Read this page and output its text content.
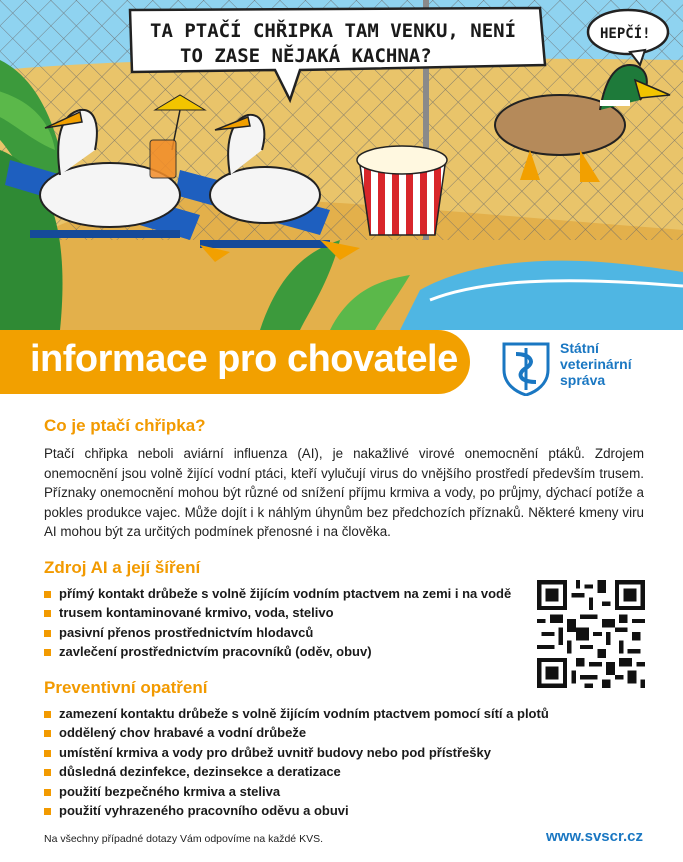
TA PTAČÍ CHŘIPKA TAM VENKU, NENÍ
TO ZASE NĚJAKÁ KACHNA?
HEPČÍ!
informace pro chovatele	Státní
veterinární
správa
Co je ptačí chřipka?

Ptačí chřipka neboli aviární influenza (AI), je nakažlivé virové onemocnění ptáků. Zdrojem onemocnění jsou volně žijící vodní ptáci, kteří vylučují virus do vnějšího prostředí především trusem. Příznaky onemocnění mohou být různé od snížení příjmu krmiva a vody, po průjmy, dýchací potíže a pokles produkce vajec. Může dojít i k náhlým úhynům bez předchozích příznaků. Některé kmeny viru AI mohou být za určitých podmínek přenosné i na člověka.

Zdroj AI a její šíření
přímý kontakt drůbeže s volně žijícím vodním ptactvem na zemi i na vodě
trusem kontaminované krmivo, voda, stelivo
pasivní přenos prostřednictvím hlodavců
zavlečení prostřednictvím pracovníků (oděv, obuv)
Preventivní opatření
zamezení kontaktu drůbeže s volně žijícím vodním ptactvem pomocí sítí a plotů
oddělený chov hrabavé a vodní drůbeže
umístění krmiva a vody pro drůbež uvnitř budovy nebo pod přístřešky
důsledná dezinfekce, dezinsekce a deratizace
použití bezpečného krmiva a steliva
použití vyhrazeného pracovního oděvu a obuvi
Na všechny případné dotazy Vám odpovíme na každé KVS.	www.svscr.cz
